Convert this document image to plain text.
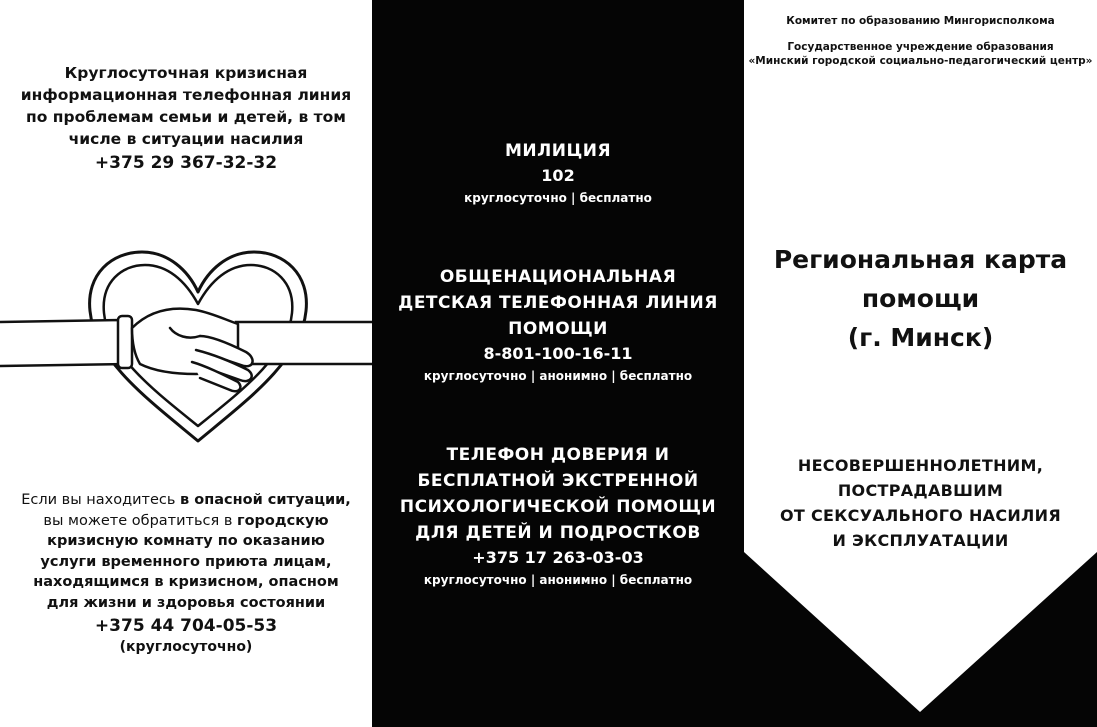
Круглосуточная кризисная
информационная телефонная линия
по проблемам семьи и детей, в том
числе в ситуации насилия
+375 29 367-32-32
Если вы находитесь в опасной ситуации,
вы можете обратиться в городскую
кризисную комнату по оказанию
услуги временного приюта лицам,
находящимся в кризисном, опасном
для жизни и здоровья состоянии
+375 44 704-05-53
(круглосуточно)
МИЛИЦИЯ
102
круглосуточно | бесплатно
ОБЩЕНАЦИОНАЛЬНАЯ
ДЕТСКАЯ ТЕЛЕФОННАЯ ЛИНИЯ
ПОМОЩИ
8-801-100-16-11
круглосуточно | анонимно | бесплатно
ТЕЛЕФОН ДОВЕРИЯ И
БЕСПЛАТНОЙ ЭКСТРЕННОЙ
ПСИХОЛОГИЧЕСКОЙ ПОМОЩИ
ДЛЯ ДЕТЕЙ И ПОДРОСТКОВ
+375 17 263-03-03
круглосуточно | анонимно | бесплатно
Комитет по образованию Мингорисполкома
Государственное учреждение образования
«Минский городской социально-педагогический центр»
Региональная карта
помощи
(г. Минск)
НЕСОВЕРШЕННОЛЕТНИМ,
ПОСТРАДАВШИМ
ОТ СЕКСУАЛЬНОГО НАСИЛИЯ
И ЭКСПЛУАТАЦИИ
